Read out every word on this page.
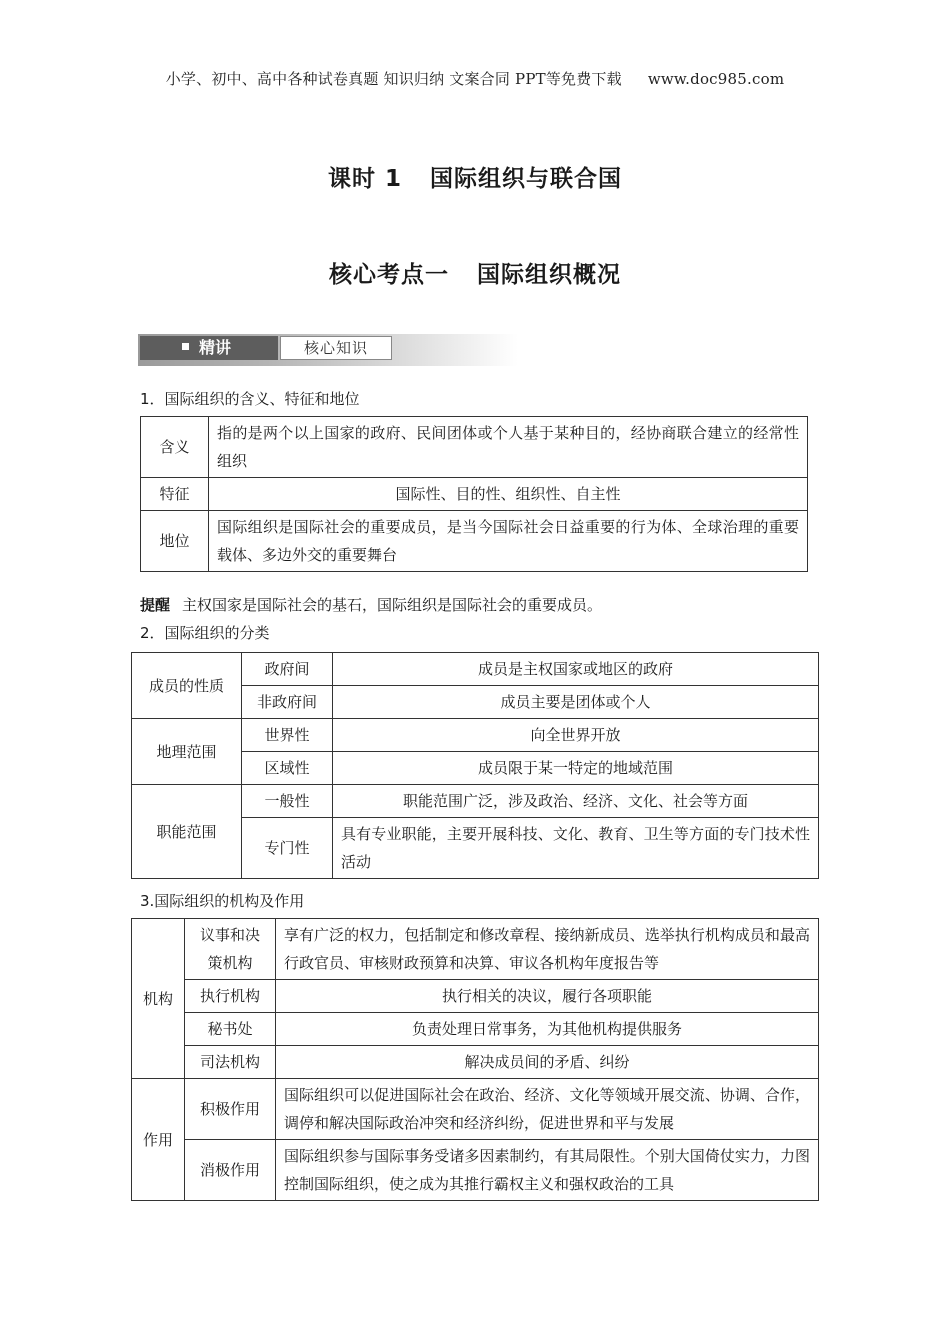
小学、初中、高中各种试卷真题 知识归纳 文案合同 PPT等免费下载 www.doc985.com
课时 1 国际组织与联合国
核心考点一 国际组织概况
精讲	核心知识
1．国际组织的含义、特征和地位
含义	指的是两个以上国家的政府、民间团体或个人基于某种目的，经协商联合建立的经常性组织
特征	国际性、目的性、组织性、自主性
地位	国际组织是国际社会的重要成员，是当今国际社会日益重要的行为体、全球治理的重要载体、多边外交的重要舞台
提醒 主权国家是国际社会的基石，国际组织是国际社会的重要成员。
2．国际组织的分类
成员的性质	政府间	成员是主权国家或地区的政府
	非政府间	成员主要是团体或个人
地理范围	世界性	向全世界开放
	区域性	成员限于某一特定的地域范围
职能范围	一般性	职能范围广泛，涉及政治、经济、文化、社会等方面
	专门性	具有专业职能，主要开展科技、文化、教育、卫生等方面的专门技术性活动
3.国际组织的机构及作用
机构	议事和决策机构	享有广泛的权力，包括制定和修改章程、接纳新成员、选举执行机构成员和最高行政官员、审核财政预算和决算、审议各机构年度报告等
	执行机构	执行相关的决议，履行各项职能
	秘书处	负责处理日常事务，为其他机构提供服务
	司法机构	解决成员间的矛盾、纠纷
作用	积极作用	国际组织可以促进国际社会在政治、经济、文化等领域开展交流、协调、合作，调停和解决国际政治冲突和经济纠纷，促进世界和平与发展
	消极作用	国际组织参与国际事务受诸多因素制约，有其局限性。个别大国倚仗实力，力图控制国际组织，使之成为其推行霸权主义和强权政治的工具
